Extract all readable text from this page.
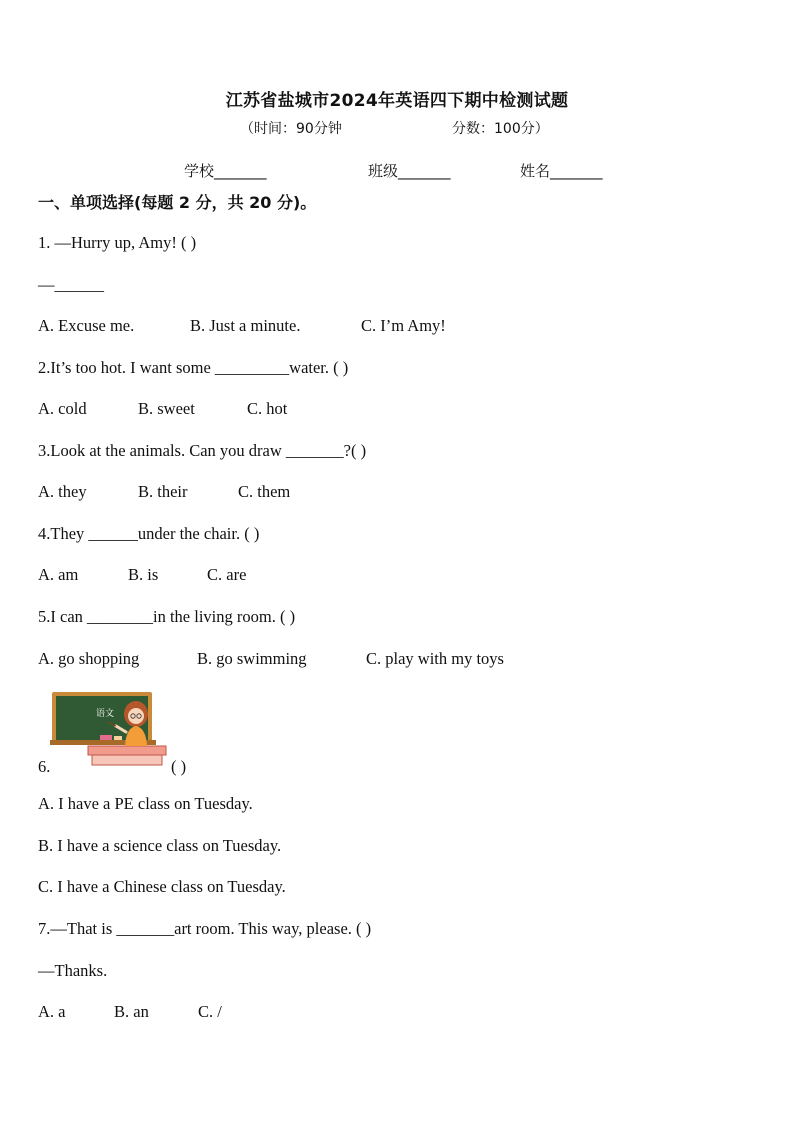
江苏省盐城市2024年英语四下期中检测试题
（时间：90分钟	分数：100分）
学校_______	班级_______	姓名_______
一、单项选择(每题 2 分，共 20 分)。
1. —Hurry up, Amy! ( )
—______
A. Excuse me.	B. Just a minute.	C. I’m Amy!
2.It’s too hot. I want some _________water. ( )
A. cold	B. sweet	C. hot
3.Look at the animals. Can you draw _______?( )
A. they	B. their	C. them
4.They ______under the chair. ( )
A. am	B. is	C. are
5.I can ________in the living room. ( )
A. go shopping	B. go swimming	C. play with my toys
语文
6.	( )
A. I have a PE class on Tuesday.
B. I have a science class on Tuesday.
C. I have a Chinese class on Tuesday.
7.—That is _______art room. This way, please. ( )
—Thanks.
A. a	B. an	C. /
